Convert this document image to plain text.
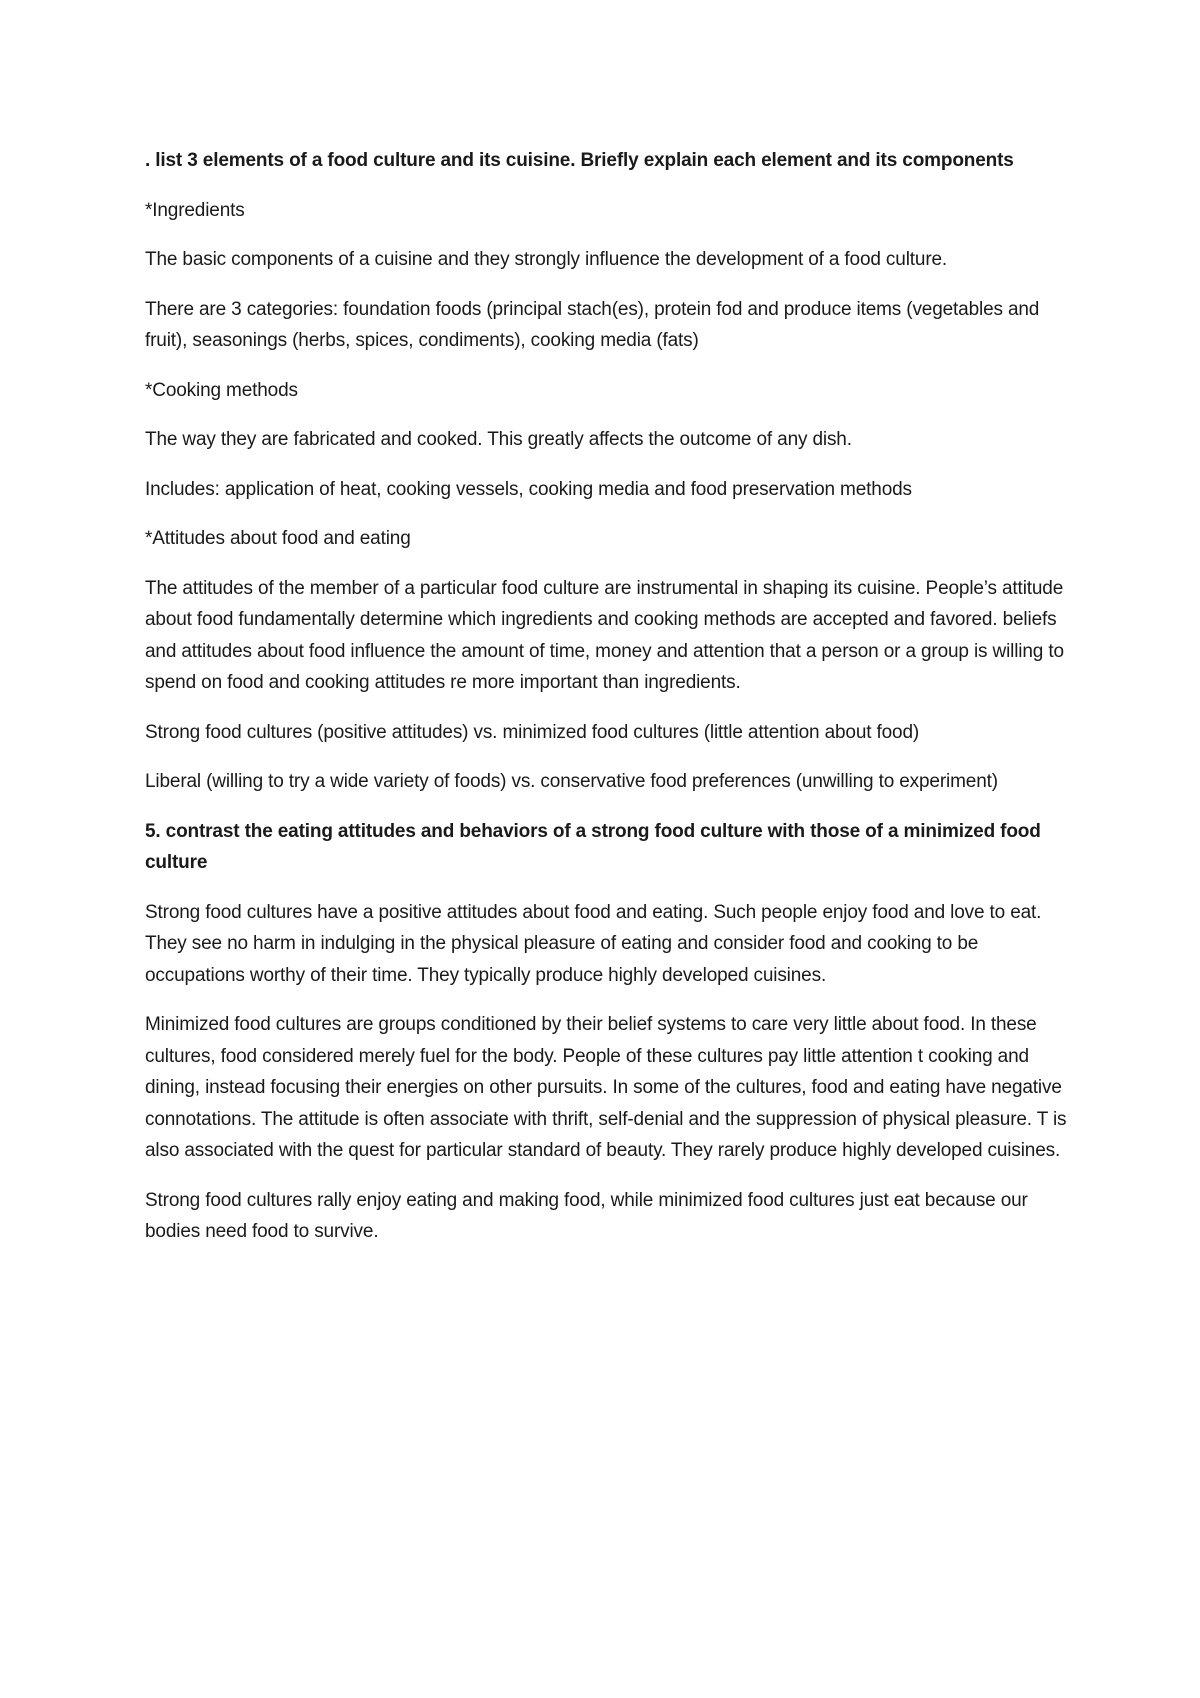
. list 3 elements of a food culture and its cuisine. Briefly explain each element and its components

*Ingredients

The basic components of a cuisine and they strongly influence the development of a food culture.

There are 3 categories: foundation foods (principal stach(es), protein fod and produce items (vegetables and fruit), seasonings (herbs, spices, condiments), cooking media (fats)

*Cooking methods

The way they are fabricated and cooked. This greatly affects the outcome of any dish.

Includes: application of heat, cooking vessels, cooking media and food preservation methods

*Attitudes about food and eating

The attitudes of the member of a particular food culture are instrumental in shaping its cuisine. People’s attitude about food fundamentally determine which ingredients and cooking methods are accepted and favored. beliefs and attitudes about food influence the amount of time, money and attention that a person or a group is willing to spend on food and cooking attitudes re more important than ingredients.

Strong food cultures (positive attitudes) vs. minimized food cultures (little attention about food)

Liberal (willing to try a wide variety of foods) vs. conservative food preferences (unwilling to experiment)

5. contrast the eating attitudes and behaviors of a strong food culture with those of a minimized food culture

Strong food cultures have a positive attitudes about food and eating. Such people enjoy food and love to eat. They see no harm in indulging in the physical pleasure of eating and consider food and cooking to be occupations worthy of their time. They typically produce highly developed cuisines.

Minimized food cultures are groups conditioned by their belief systems to care very little about food. In these cultures, food considered merely fuel for the body. People of these cultures pay little attention t cooking and dining, instead focusing their energies on other pursuits. In some of the cultures, food and eating have negative connotations. The attitude is often associate with thrift, self-denial and the suppression of physical pleasure. T is also associated with the quest for particular standard of beauty. They rarely produce highly developed cuisines.

Strong food cultures rally enjoy eating and making food, while minimized food cultures just eat because our bodies need food to survive.
